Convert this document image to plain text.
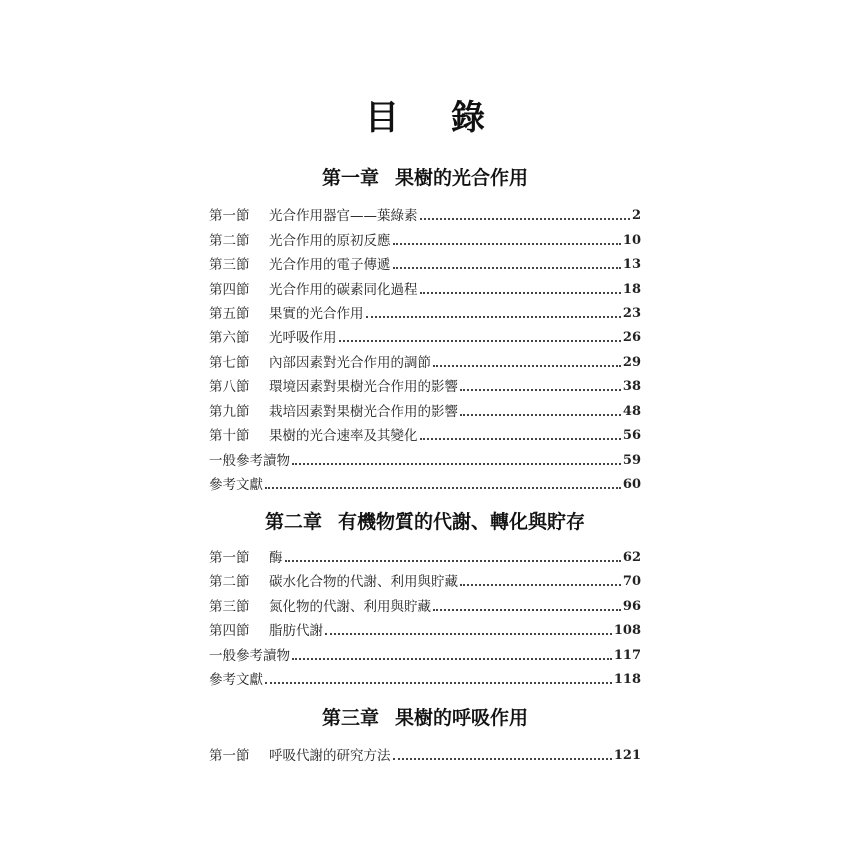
目 錄
第一章 果樹的光合作用
第一節	光合作用器官——葉綠素	2
第二節	光合作用的原初反應	10
第三節	光合作用的電子傳遞	13
第四節	光合作用的碳素同化過程	18
第五節	果實的光合作用	23
第六節	光呼吸作用	26
第七節	內部因素對光合作用的調節	29
第八節	環境因素對果樹光合作用的影響	38
第九節	栽培因素對果樹光合作用的影響	48
第十節	果樹的光合速率及其變化	56
一般參考讀物	59
參考文獻	60
第二章 有機物質的代謝、轉化與貯存
第一節	酶	62
第二節	碳水化合物的代謝、利用與貯藏	70
第三節	氮化物的代謝、利用與貯藏	96
第四節	脂肪代謝	108
一般參考讀物	117
參考文獻	118
第三章 果樹的呼吸作用
第一節	呼吸代謝的研究方法	121
